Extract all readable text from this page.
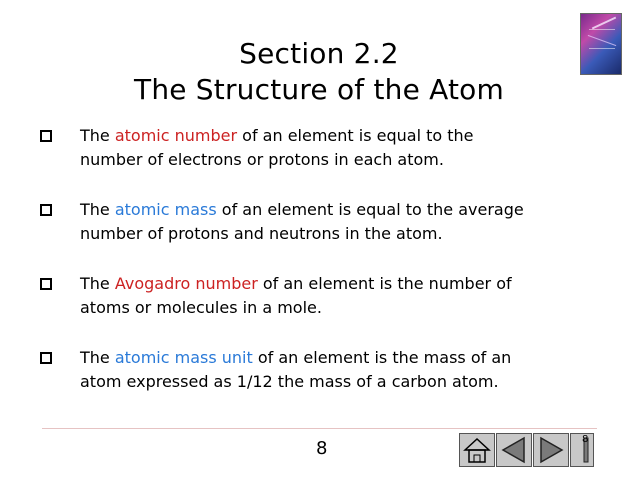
Section 2.2
The Structure of the Atom
The atomic number of an element is equal to the
number of electrons or protons in each atom.
The atomic mass of an element is equal to the average
number of protons and neutrons in the atom.
The Avogadro number of an element is the number of
atoms or molecules in a mole.
The atomic mass unit of an element is the mass of an
atom expressed as 1/12 the mass of a carbon atom.
8	8
